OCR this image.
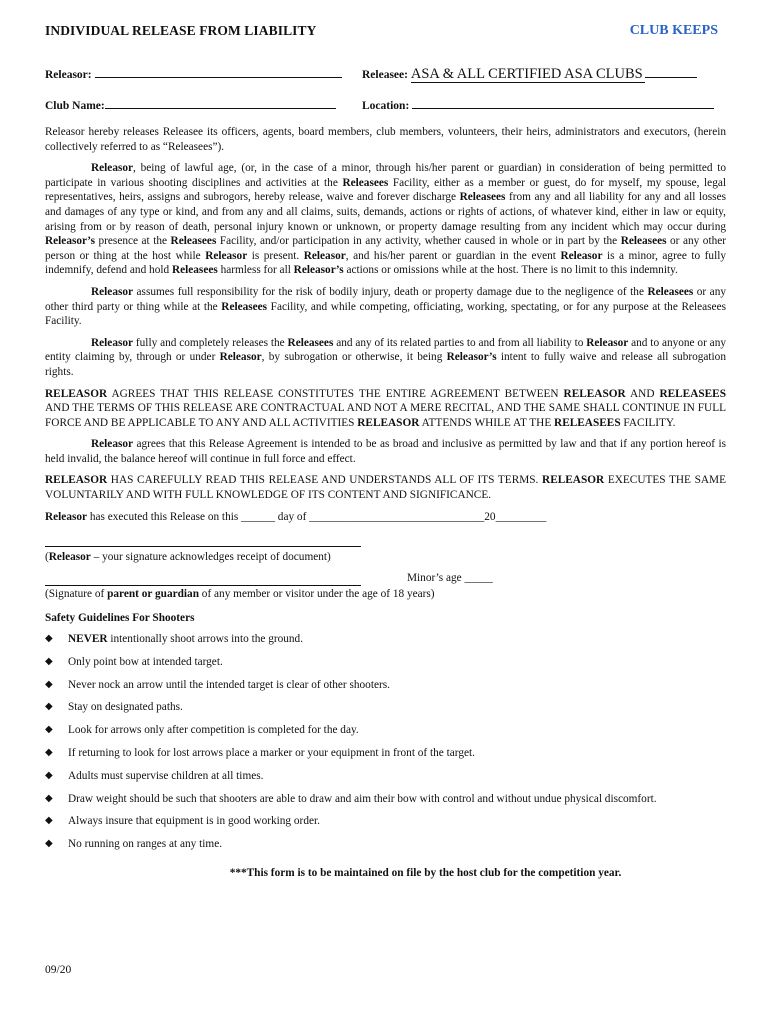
INDIVIDUAL RELEASE FROM LIABILITY	CLUB KEEPS
Releasor:	Releasee: ASA & ALL CERTIFIED ASA CLUBS
Club Name:	Location:

Releasor hereby releases Releasee its officers, agents, board members, club members, volunteers, their heirs, administrators and executors, (herein collectively referred to as “Releasees”).

Releasor, being of lawful age, (or, in the case of a minor, through his/her parent or guardian) in consideration of being permitted to participate in various shooting disciplines and activities at the Releasees Facility, either as a member or guest, do for myself, my spouse, legal representatives, heirs, assigns and subrogors, hereby release, waive and forever discharge Releasees from any and all liability for any and all losses and damages of any type or kind, and from any and all claims, suits, demands, actions or rights of actions, of whatever kind, either in law or equity, arising from or by reason of death, personal injury known or unknown, or property damage resulting from any incident which may occur during Releasor’s presence at the Releasees Facility, and/or participation in any activity, whether caused in whole or in part by the Releasees or any other person or thing at the host while Releasor is present. Releasor, and his/her parent or guardian in the event Releasor is a minor, agree to fully indemnify, defend and hold Releasees harmless for all Releasor’s actions or omissions while at the host. There is no limit to this indemnity.

Releasor assumes full responsibility for the risk of bodily injury, death or property damage due to the negligence of the Releasees or any other third party or thing while at the Releasees Facility, and while competing, officiating, working, spectating, or for any purpose at the Releasees Facility.

Releasor fully and completely releases the Releasees and any of its related parties to and from all liability to Releasor and to anyone or any entity claiming by, through or under Releasor, by subrogation or otherwise, it being Releasor’s intent to fully waive and release all subrogation rights.

RELEASOR AGREES THAT THIS RELEASE CONSTITUTES THE ENTIRE AGREEMENT BETWEEN RELEASOR AND RELEASEES AND THE TERMS OF THIS RELEASE ARE CONTRACTUAL AND NOT A MERE RECITAL, AND THE SAME SHALL CONTINUE IN FULL FORCE AND BE APPLICABLE TO ANY AND ALL ACTIVITIES RELEASOR ATTENDS WHILE AT THE RELEASEES FACILITY.

Releasor agrees that this Release Agreement is intended to be as broad and inclusive as permitted by law and that if any portion hereof is held invalid, the balance hereof will continue in full force and effect.

RELEASOR HAS CAREFULLY READ THIS RELEASE AND UNDERSTANDS ALL OF ITS TERMS. RELEASOR EXECUTES THE SAME VOLUNTARILY AND WITH FULL KNOWLEDGE OF ITS CONTENT AND SIGNIFICANCE.

Releasor has executed this Release on this ______ day of _______________________________20_________

(Releasor – your signature acknowledges receipt of document)
Minor’s age _____
(Signature of parent or guardian of any member or visitor under the age of 18 years)
Safety Guidelines For Shooters
◆ NEVER intentionally shoot arrows into the ground.
◆ Only point bow at intended target.
◆ Never nock an arrow until the intended target is clear of other shooters.
◆ Stay on designated paths.
◆ Look for arrows only after competition is completed for the day.
◆ If returning to look for lost arrows place a marker or your equipment in front of the target.
◆ Adults must supervise children at all times.
◆ Draw weight should be such that shooters are able to draw and aim their bow with control and without undue physical discomfort.
◆ Always insure that equipment is in good working order.
◆ No running on ranges at any time.
***This form is to be maintained on file by the host club for the competition year.
09/20
